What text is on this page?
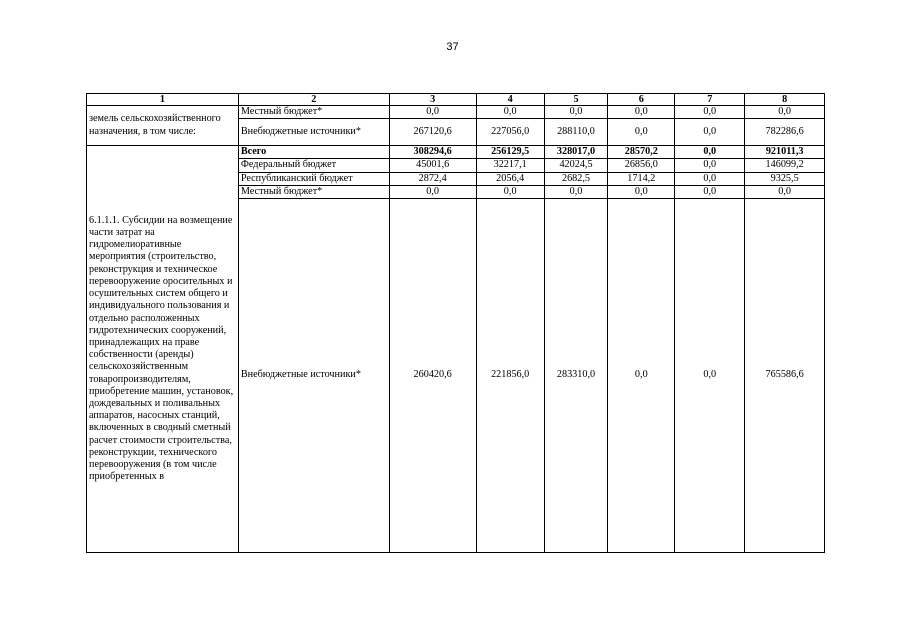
37
1	2	3	4	5	6	7	8
земель сельскохозяйственного назначения, в том числе:	Местный бюджет*	0,0	0,0	0,0	0,0	0,0	0,0
	Внебюджетные источники*	267120,6	227056,0	288110,0	0,0	0,0	782286,6
6.1.1.1. Субсидии на возмещение части затрат на гидромелиоративные мероприятия (строительство, реконструкция и техническое перевооружение оросительных и осушительных систем общего и индивидуального пользования и отдельно расположенных гидротехнических сооружений, принадлежащих на праве собственности (аренды) сельскохозяйственным товаропроизводителям, приобретение машин, установок, дождевальных и поливальных аппаратов, насосных станций, включенных в сводный сметный расчет стоимости строительства, реконструкции, технического перевооружения (в том числе приобретенных в	Всего	308294,6	256129,5	328017,0	28570,2	0,0	921011,3
	Федеральный бюджет	45001,6	32217,1	42024,5	26856,0	0,0	146099,2
	Республиканский бюджет	2872,4	2056,4	2682,5	1714,2	0,0	9325,5
	Местный бюджет*	0,0	0,0	0,0	0,0	0,0	0,0
	Внебюджетные источники*	260420,6	221856,0	283310,0	0,0	0,0	765586,6
